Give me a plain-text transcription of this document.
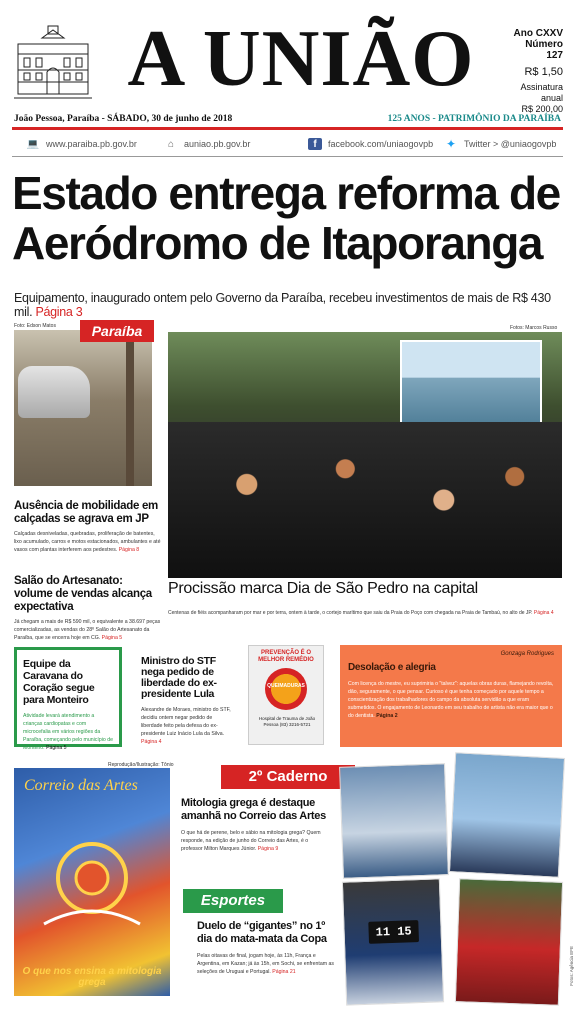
A UNIÃO	Ano CXXV
Número 127
R$ 1,50
Assinatura anual
R$ 200,00
João Pessoa, Paraíba - SÁBADO, 30 de junho de 2018	125 ANOS - PATRIMÔNIO DA PARAÍBA
💻 www.paraiba.pb.gov.br	⌂	auniao.pb.gov.br	f	facebook.com/uniaogovpb ✦ Twitter > @uniaogovpb
Estado entrega reforma de Aeródromo de Itaporanga
Equipamento, inaugurado ontem pelo Governo da Paraíba, recebeu investimentos de mais de R$ 430 mil. Página 3
Foto: Edson Matos	Fotos: Marcos Russo
Paraíba
Procissão marca Dia de São Pedro na capital
Centenas de fiéis acompanharam por mar e por terra, ontem à tarde, o cortejo marítimo que saiu da Praia do Poço com chegada na Praia de Tambaú, no alto de JP. Página 4
Ausência de mobilidade em calçadas se agrava em JP
Calçadas desniveladas, quebradas, proliferação de batentes, lixo acumulado, carros e motos estacionados, ambulantes e até vasos com plantas interferem aos pedestres. Página 8
Salão do Artesanato: volume de vendas alcança expectativa
Já chegam a mais de R$ 590 mil, o equivalente a 38.697 peças comercializadas, as vendas do 28º Salão do Artesanato da Paraíba, que se encerra hoje em CG. Página 5
Equipe da Caravana do Coração segue para Monteiro
Atividade levará atendimento a crianças cardiopatas e com microcefalia em vários regiões da Paraíba, começando pelo município de Monteiro. Página 5
Ministro do STF nega pedido de liberdade do ex-presidente Lula
Alexandre de Moraes, ministro do STF, decidiu ontem negar pedido de liberdade feito pela defesa do ex-presidente Luiz Inácio Lula da Silva. Página 4
PREVENÇÃO É O MELHOR REMÉDIO
QUEIMADURAS
Hospital de Trauma de João Pessoa (83) 3216-5721
Gonzaga Rodrigues
Desolação e alegria
Com licença do mestre, eu suprimiria o "talvez": aquelas obras duras, flamejando revolta, dão, seguramente, o que pensar. Curioso é que tenha começado por aquele tempo a conscientização dos trabalhadores do campo da absoluta servidão a que eram submetidos. O engajamento de Leonardo em seu trabalho de artista não era maior que o do dentista. Página 2
Reprodução/Ilustração: Tônio
Correio das Artes
O que nos ensina a mitologia grega
2º Caderno
Mitologia grega é destaque amanhã no Correio das Artes
O que há de perene, belo e sábio na mitologia grega? Quem responde, na edição de junho do Correio das Artes, é o professor Milton Marques Júnior. Página 9
Esportes
Duelo de “gigantes” no 1º dia do mata-mata da Copa
Pelas oitavas de final, jogam hoje, às 11h, França e Argentina, em Kazan; já às 15h, em Sochi, se enfrentam as seleções de Uruguai e Portugal. Página 21
11 15
Fotos: Agência EFE
